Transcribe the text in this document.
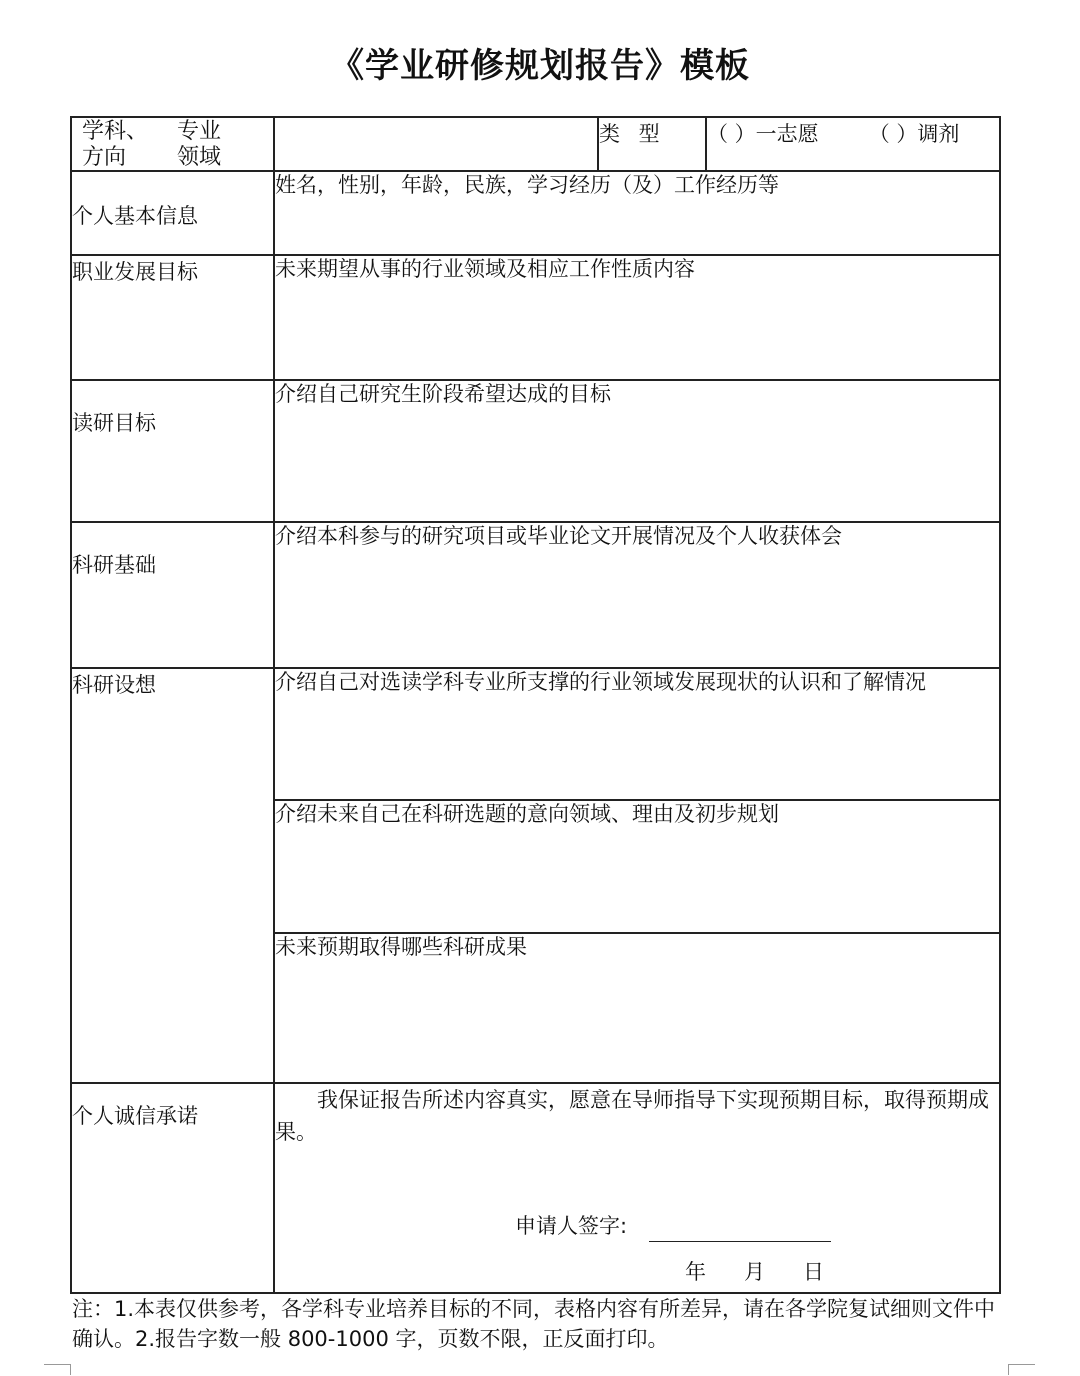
《学业研修规划报告》模板
学科、 专业
方向 领域		类 型	（ ）一志愿 （ ）调剂
个人基本信息	姓名，性别，年龄，民族，学习经历（及）工作经历等		
职业发展目标	未来期望从事的行业领域及相应工作性质内容		
读研目标	介绍自己研究生阶段希望达成的目标		
科研基础	介绍本科参与的研究项目或毕业论文开展情况及个人收获体会		
科研设想	介绍自己对选读学科专业所支撑的行业领域发展现状的认识和了解情况		
	介绍未来自己在科研选题的意向领域、理由及初步规划		
	未来预期取得哪些科研成果		
个人诚信承诺	我保证报告所述内容真实，愿意在导师指导下实现预期目标，取得预期成果。

申请人签字:
年 月 日		
注：1.本表仅供参考，各学科专业培养目标的不同，表格内容有所差异，请在各学院复试细则文件中确认。2.报告字数一般 800-1000 字，页数不限，正反面打印。
